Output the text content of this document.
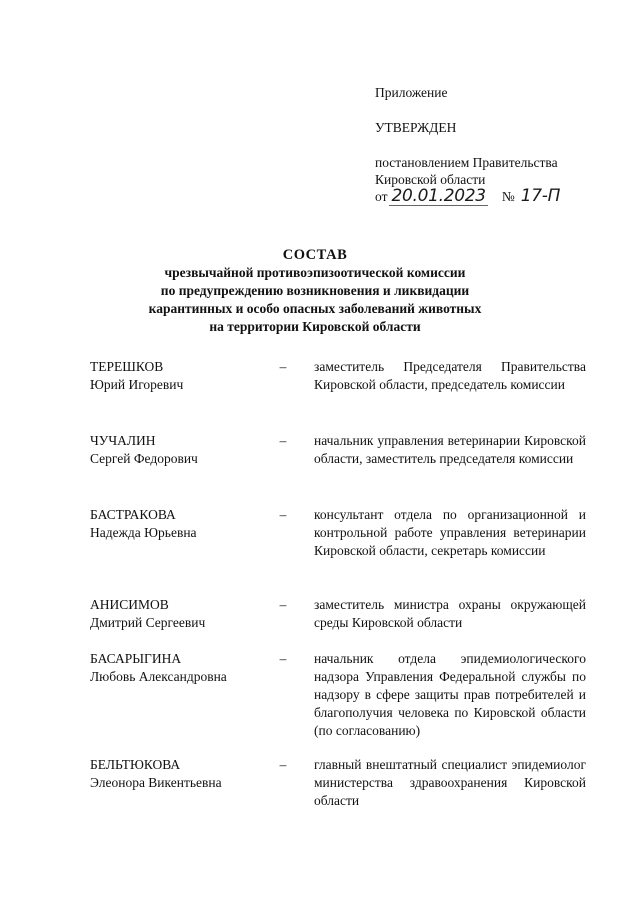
Приложение
УТВЕРЖДЕН
постановлением Правительства
Кировской области
от 20.01.2023 № 17-П
СОСТАВ
чрезвычайной противоэпизоотической комиссии
по предупреждению возникновения и ликвидации
карантинных и особо опасных заболеваний животных
на территории Кировской области
ТЕРЕШКОВ
Юрий Игоревич
– заместитель Председателя Правительства Кировской области, председатель комиссии
ЧУЧАЛИН
Сергей Федорович
– начальник управления ветеринарии Кировской области, заместитель председателя комиссии
БАСТРАКОВА
Надежда Юрьевна
– консультант отдела по организационной и контрольной работе управления ветеринарии Кировской области, секретарь комиссии
АНИСИМОВ
Дмитрий Сергеевич
– заместитель министра охраны окружающей среды Кировской области
БАСАРЫГИНА
Любовь Александровна
– начальник отдела эпидемиологического надзора Управления Федеральной службы по надзору в сфере защиты прав потребителей и благополучия человека по Кировской области (по согласованию)
БЕЛЬТЮКОВА
Элеонора Викентьевна
– главный внештатный специалист эпидемиолог министерства здравоохранения Кировской области
